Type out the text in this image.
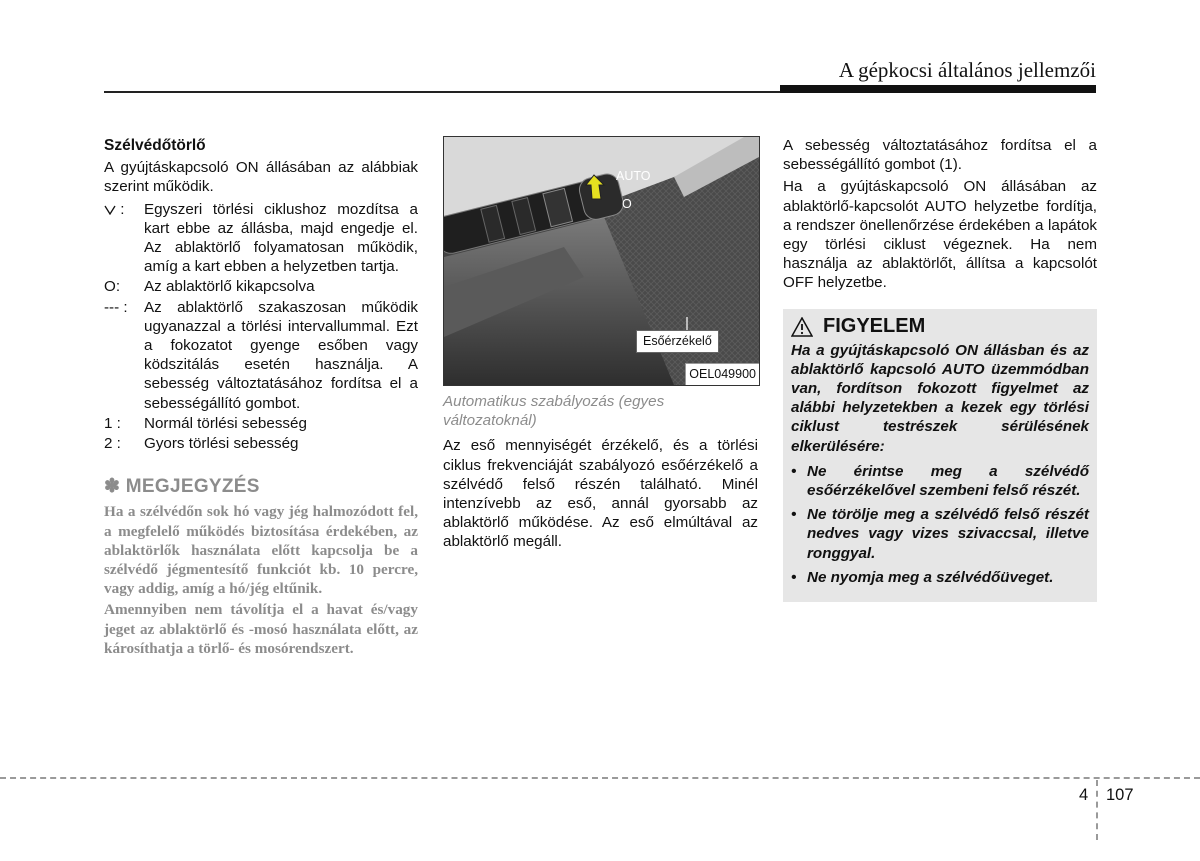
A gépkocsi általános jellemzői
Szélvédőtörlő
A gyújtáskapcsoló ON állásában az alábbiak szerint működik.
:	Egyszeri törlési ciklushoz mozdítsa a kart ebbe az állásba, majd engedje el. Az ablaktörlő folyamatosan működik, amíg a kart ebben a helyzetben tartja.
O:	Az ablaktörlő kikapcsolva
--- :	Az ablaktörlő szakaszosan működik ugyanazzal a törlési intervallummal. Ezt a fokozatot gyenge esőben vagy ködszitálás esetén használja. A sebesség változtatásához fordítsa el a sebességállító gombot.
1 :	Normál törlési sebesség
2 :	Gyors törlési sebesség
✽ MEGJEGYZÉS

Ha a szélvédőn sok hó vagy jég halmozódott fel, a megfelelő működés biztosítása érdekében, az ablaktörlők használata előtt kapcsolja be a szélvédő jégmentesítő funkciót kb. 10 percre, vagy addig, amíg a hó/jég eltűnik.

Amennyiben nem távolítja el a havat és/vagy jeget az ablaktörlő és -mosó használata előtt, az károsíthatja a törlő- és mosórendszert.

AUTO
O
Esőérzékelő
OEL049900
Automatikus szabályozás (egyes változatoknál)
Az eső mennyiségét érzékelő, és a törlési ciklus frekvenciáját szabályozó esőérzékelő a szélvédő felső részén található. Minél intenzívebb az eső, annál gyorsabb az ablaktörlő működése. Az eső elmúltával az ablaktörlő megáll.
A sebesség változtatásához fordítsa el a sebességállító gombot (1).
Ha a gyújtáskapcsoló ON állásában az ablaktörlő-kapcsolót AUTO helyzetbe fordítja, a rendszer önellenőrzése érdekében a lapátok egy törlési ciklust végeznek. Ha nem használja az ablaktörlőt, állítsa a kapcsolót OFF helyzetbe.
FIGYELEM
Ha a gyújtáskapcsoló ON állásban és az ablaktörlő kapcsoló AUTO üzemmódban van, fordítson fokozott figyelmet az alábbi helyzetekben a kezek egy törlési ciklust testrészek sérülésének elkerülésére:
• Ne érintse meg a szélvédő esőérzékelővel szembeni felső részét.
• Ne törölje meg a szélvédő felső részét nedves vagy vizes szivaccsal, illetve ronggyal.
• Ne nyomja meg a szélvédőüveget.
4 107
